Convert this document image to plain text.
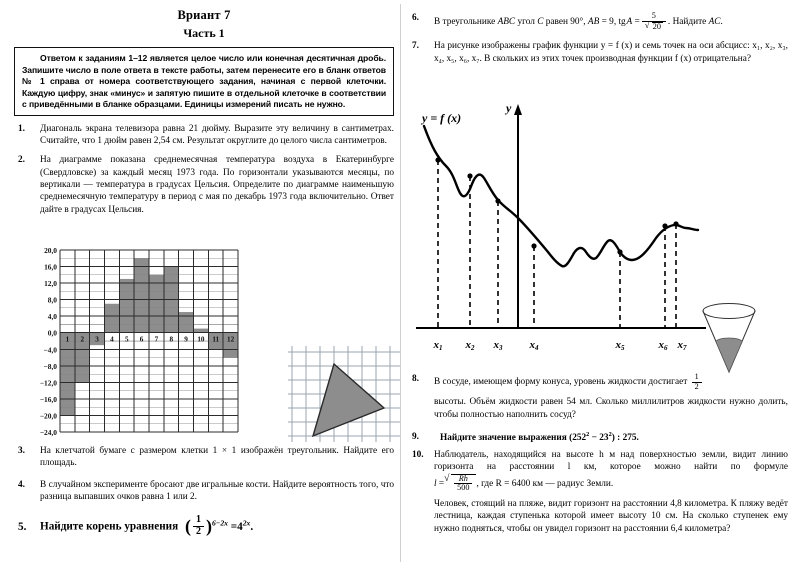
Вриант 7
Часть 1
Ответом к заданиям 1–12 является целое число или конечная десятичная дробь. Запишите число в поле ответа в тексте работы, затем перенесите его в бланк ответов № 1 справа от номера соответствующего задания, начиная с первой клеточки. Каждую цифру, знак «минус» и запятую пишите в отдельной клеточке в соответствии с приведёнными в бланке образцами. Единицы измерений писать не нужно.
1.	Диагональ экрана телевизора равна 21 дюйму. Выразите эту величину в сантиметрах. Считайте, что 1 дюйм равен 2,54 см. Результат округлите до целого числа сантиметров.
2.	На диаграмме показана среднемесячная температура воздуха в Екатеринбурге (Свердловске) за каждый месяц 1973 года. По горизонтали указываются месяцы, по вертикали — температура в градусах Цельсия. Определите по диаграмме наименьшую среднемесячную температуру в период с мая по декабрь 1973 года включительно. Ответ дайте в градусах Цельсия.
20,0
16,0
12,0
8,0
4,0
0,0
−4,0
−8,0
−12,0
−16,0
−20,0
−24,0
1 2 3 4 5 6 7 8 9 10 11 12
3.	На клетчатой бумаге с размером клетки 1 × 1 изображён треугольник. Найдите его площадь.
4.	В случайном эксперименте бросают две игральные кости. Найдите вероятность того, что разница выпавших очков равна 1 или 2.
5.	Найдите корень уравнения ( $\frac{1}{2} )^{6-2x} =4^{2x}$.
6.	В треугольнике ABC угол C равен 90°, AB = 9, tg A = 5
√ 20 . Найдите AC.
7.	На рисунке изображены график функции y = f (x) и семь точек на оси абсцисс: x₁, x₂, x₃, x₄, x₅, x₆, x₇. В скольких из этих точек производная функции f (x) отрицательна?
y
y = f (x)
x1 x2 x3 x4	x5	x6 x7
8.	В сосуде, имеющем форму конуса, уровень жидкости достигает $\frac{1}{2}$
высоты. Объём жидкости равен 54 мл. Сколько миллилитров жидкости нужно долить, чтобы полностью наполнить сосуд?
9.	Найдите значение выражения $(252^2 - 23^2)$ : 275.
10.	Наблюдатель, находящийся на высоте h м над поверхностью земли, видит линию горизонта на расстоянии l км, которое можно найти по формуле l = √ $\frac{Rh}{500}$ , где R = 6400 км — радиус Земли.
Человек, стоящий на пляже, видит горизонт на расстоянии 4,8 километра. К пляжу ведёт лестница, каждая ступенька которой имеет высоту 10 см. На сколько ступенек ему нужно подняться, чтобы он увидел горизонт на расстоянии 6,4 километра?
